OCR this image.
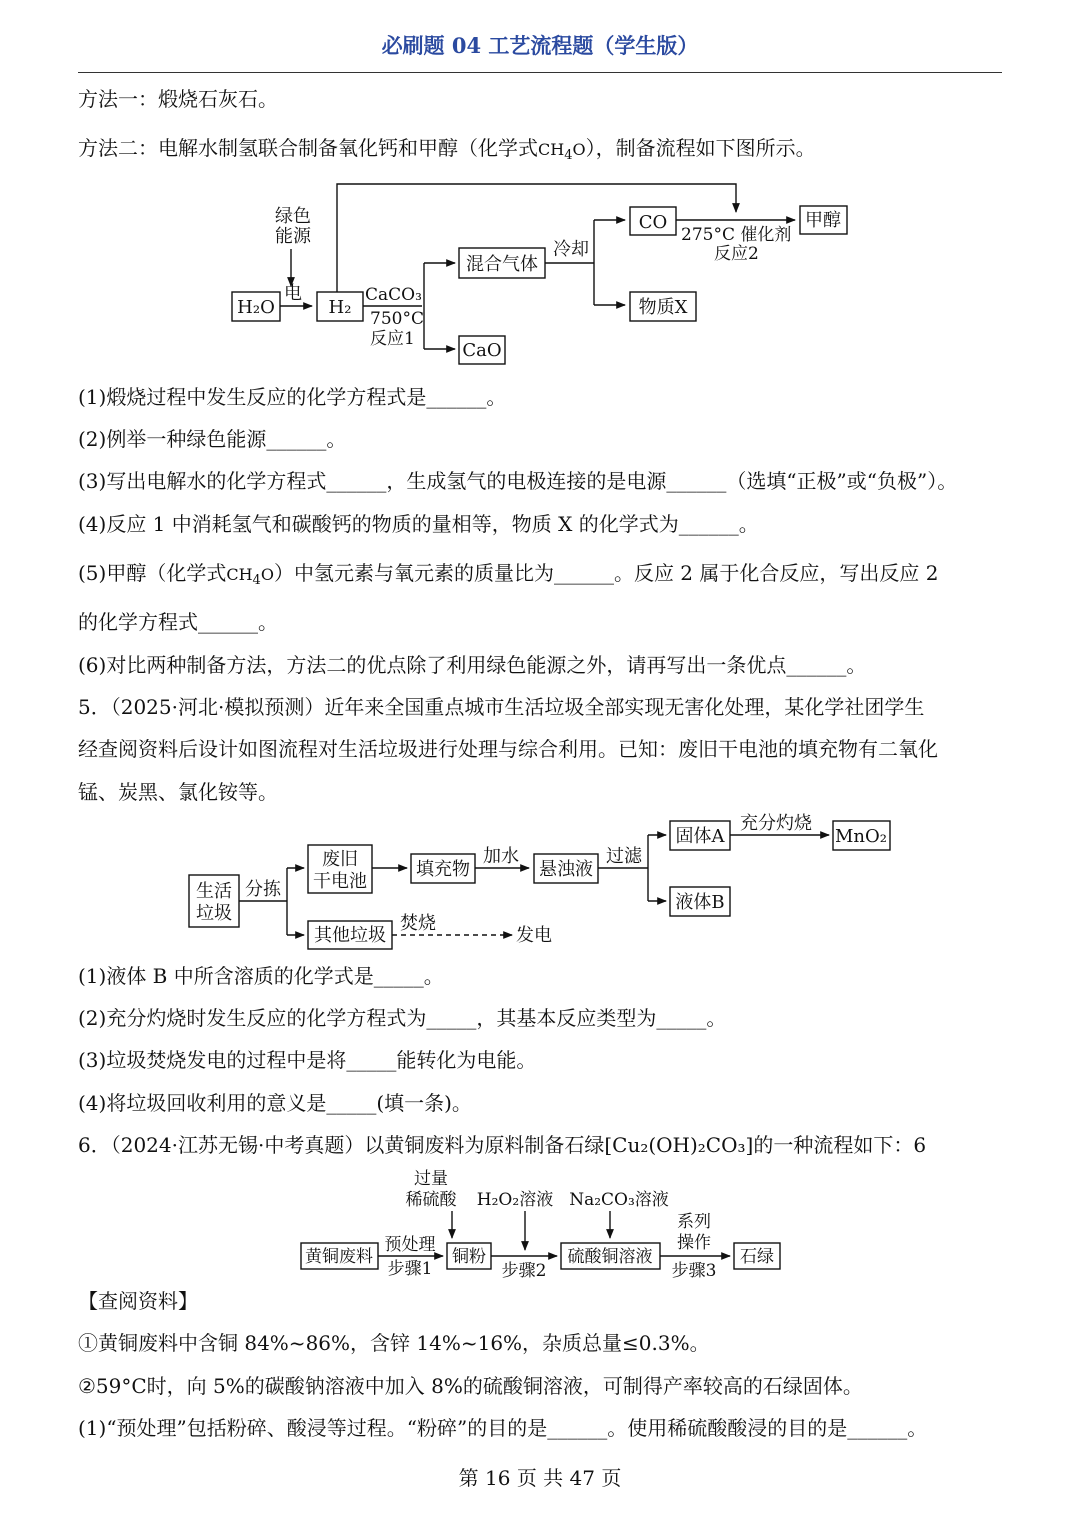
必刷题 04 工艺流程题（学生版）
方法一：煅烧石灰石。
方法二：电解水制氢联合制备氧化钙和甲醇（化学式$CH_4O$），制备流程如下图所示。
绿色
能源
H₂O
电
H₂
CaCO₃
750°C
反应1
混合气体
CaO
冷却
CO
物质X
275°C 催化剂
反应2
甲醇
(1)煅烧过程中发生反应的化学方程式是______。
(2)例举一种绿色能源______。
(3)写出电解水的化学方程式______，生成氢气的电极连接的是电源______（选填“正极”或“负极”）。
(4)反应 1 中消耗氢气和碳酸钙的物质的量相等，物质 X 的化学式为______。
(5)甲醇（化学式$CH_4O$）中氢元素与氧元素的质量比为______。反应 2 属于化合反应，写出反应 2
的化学方程式______。
(6)对比两种制备方法，方法二的优点除了利用绿色能源之外，请再写出一条优点______。
5．（2025·河北·模拟预测）近年来全国重点城市生活垃圾全部实现无害化处理，某化学社团学生
经查阅资料后设计如图流程对生活垃圾进行处理与综合利用。已知：废旧干电池的填充物有二氧化
锰、炭黑、氯化铵等。
生活
垃圾
分拣
废旧
干电池
填充物
加水
悬浊液
过滤
固体A
充分灼烧
MnO₂
液体B
其他垃圾
焚烧
发电
(1)液体 B 中所含溶质的化学式是_____。
(2)充分灼烧时发生反应的化学方程式为_____，其基本反应类型为_____。
(3)垃圾焚烧发电的过程中是将_____能转化为电能。
(4)将垃圾回收利用的意义是_____(填一条)。
6．（2024·江苏无锡·中考真题）以黄铜废料为原料制备石绿[Cu₂(OH)₂CO₃]的一种流程如下：6
过量
稀硫酸 H₂O₂溶液 Na₂CO₃溶液
黄铜废料
预处理
步骤1
铜粉
步骤2
硫酸铜溶液
系列
操作
步骤3
石绿
【查阅资料】
①黄铜废料中含铜 84%~86%，含锌 14%~16%，杂质总量≤0.3%。
②59°C时，向 5%的碳酸钠溶液中加入 8%的硫酸铜溶液，可制得产率较高的石绿固体。
(1)“预处理”包括粉碎、酸浸等过程。“粉碎”的目的是______。使用稀硫酸酸浸的目的是______。
第 16 页 共 47 页
